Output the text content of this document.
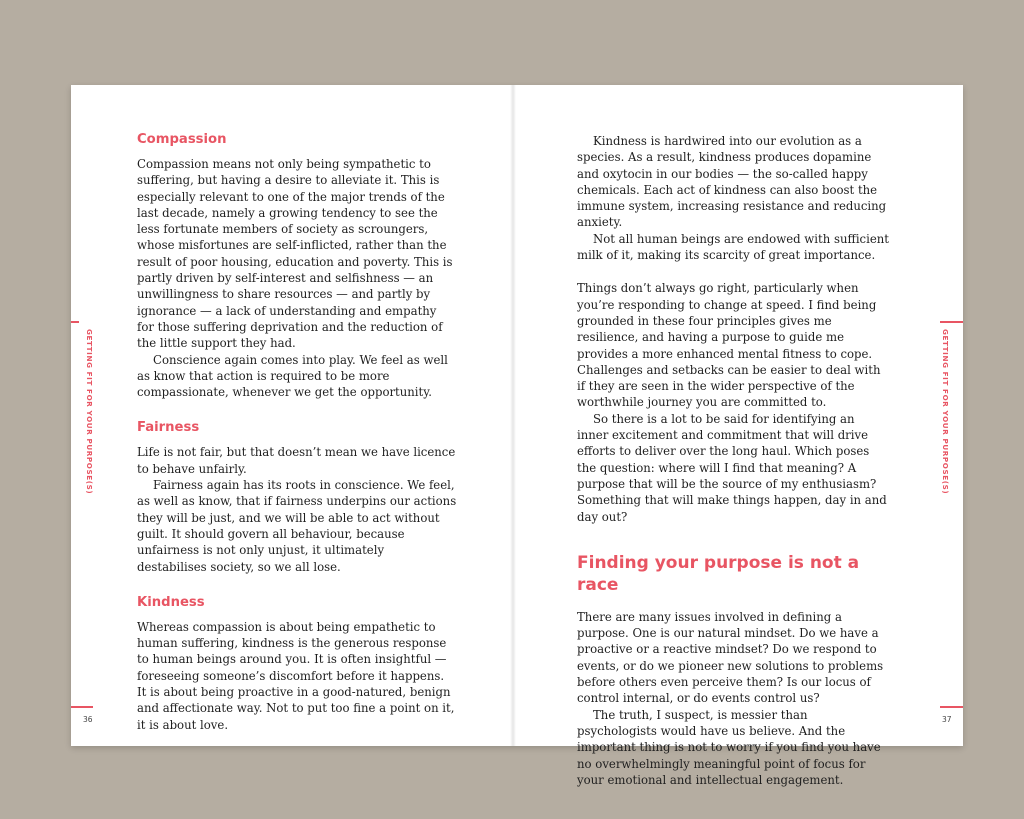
GETTING FIT FOR YOUR PURPOSE(S)
36
GETTING FIT FOR YOUR PURPOSE(S)
37
Compassion

Compassion means not only being sympathetic to suffering, but having a desire to alleviate it. This is especially relevant to one of the major trends of the last decade, namely a growing tendency to see the less fortunate members of society as scroungers, whose misfortunes are self-inflicted, rather than the result of poor housing, education and poverty. This is partly driven by self-interest and selfishness — an unwillingness to share resources — and partly by ignorance — a lack of understanding and empathy for those suffering deprivation and the reduction of the little support they had.

Conscience again comes into play. We feel as well as know that action is required to be more compassionate, whenever we get the opportunity.

Fairness

Life is not fair, but that doesn’t mean we have licence to behave unfairly.

Fairness again has its roots in conscience. We feel, as well as know, that if fairness underpins our actions they will be just, and we will be able to act without guilt. It should govern all behaviour, because unfairness is not only unjust, it ultimately destabilises society, so we all lose.

Kindness

Whereas compassion is about being empathetic to human suffering, kindness is the generous response to human beings around you. It is often insightful — foreseeing someone’s discomfort before it happens. It is about being proactive in a good-natured, benign and affectionate way. Not to put too fine a point on it, it is about love.

Kindness is hardwired into our evolution as a species. As a result, kindness produces dopamine and oxytocin in our bodies — the so-called happy chemicals. Each act of kindness can also boost the immune system, increasing resistance and reducing anxiety.

Not all human beings are endowed with sufficient milk of it, making its scarcity of great importance.

Things don’t always go right, particularly when you’re responding to change at speed. I find being grounded in these four principles gives me resilience, and having a purpose to guide me provides a more enhanced mental fitness to cope. Challenges and setbacks can be easier to deal with if they are seen in the wider perspective of the worthwhile journey you are committed to.

So there is a lot to be said for identifying an inner excitement and commitment that will drive efforts to deliver over the long haul. Which poses the question: where will I find that meaning? A purpose that will be the source of my enthusiasm? Something that will make things happen, day in and day out?

Finding your purpose is not a race

There are many issues involved in defining a purpose. One is our natural mindset. Do we have a proactive or a reactive mindset? Do we respond to events, or do we pioneer new solutions to problems before others even perceive them? Is our locus of control internal, or do events control us?

The truth, I suspect, is messier than psychologists would have us believe. And the important thing is not to worry if you find you have no overwhelmingly meaningful point of focus for your emotional and intellectual engagement.
